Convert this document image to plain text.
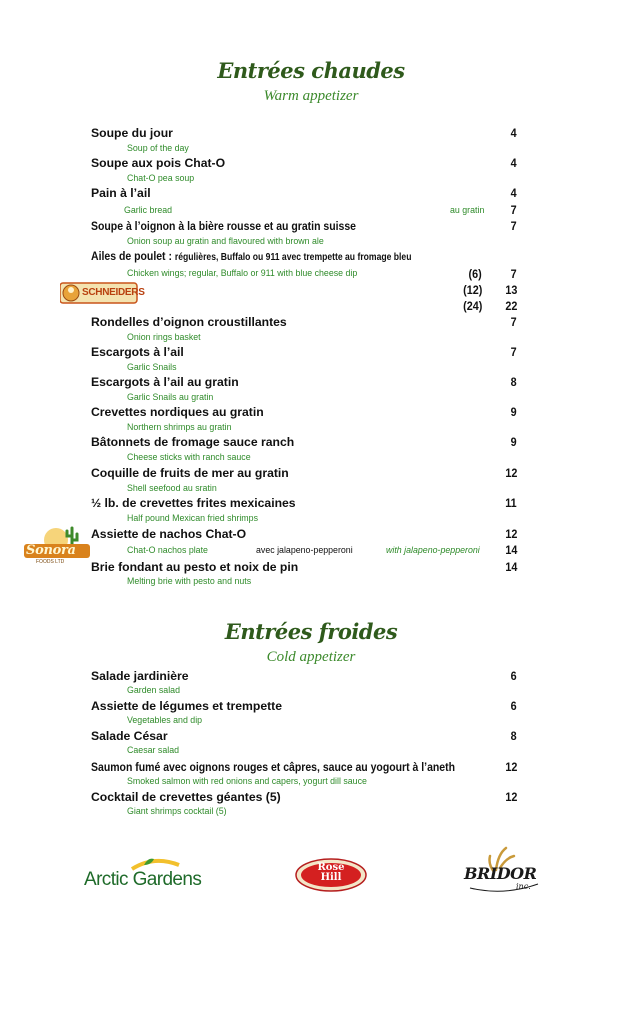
Entrées chaudes
Warm appetizer
Soupe du jour	4
Soup of the day
Soupe aux pois Chat-O	4
Chat-O pea soup
Pain à l’ail	4
Garlic bread	au gratin 7
Soupe à l’oignon à la bière rousse et au gratin suisse	7
Onion soup au gratin and flavoured with brown ale
Ailes de poulet : régulières, Buffalo ou 911 avec trempette au fromage bleu
Chicken wings; regular, Buffalo or 911 with blue cheese dip	(6) 7
(12) 13
(24) 22
SCHNEIDERS
Rondelles d’oignon croustillantes	7
Onion rings basket
Escargots à l’ail	7
Garlic Snails
Escargots à l’ail au gratin	8
Garlic Snails au gratin
Crevettes nordiques au gratin	9
Northern shrimps au gratin
Bâtonnets de fromage sauce ranch	9
Cheese sticks with ranch sauce
Coquille de fruits de mer au gratin	12
Shell seefood au sratin
½ lb. de crevettes frites mexicaines	11
Half pound Mexican fried shrimps
Assiette de nachos Chat-O	12
Chat-O nachos plate	avec jalapeno-pepperoni	with jalapeno-pepperoni 14
Sonora
FOODS LTD Brie fondant au pesto et noix de pin	14
Melting brie with pesto and nuts
Entrées froides
Cold appetizer
Salade jardinière	6
Garden salad
Assiette de légumes et trempette	6
Vegetables and dip
Salade César	8
Caesar salad
Saumon fumé avec oignons rouges et câpres, sauce au yogourt à l’aneth	12
Smoked salmon with red onions and capers, yogurt dill sauce
Cocktail de crevettes géantes (5)	12
Giant shrimps cocktail (5)
Arctic Gardens
Rose
Hill	BRIDOR
inc.
